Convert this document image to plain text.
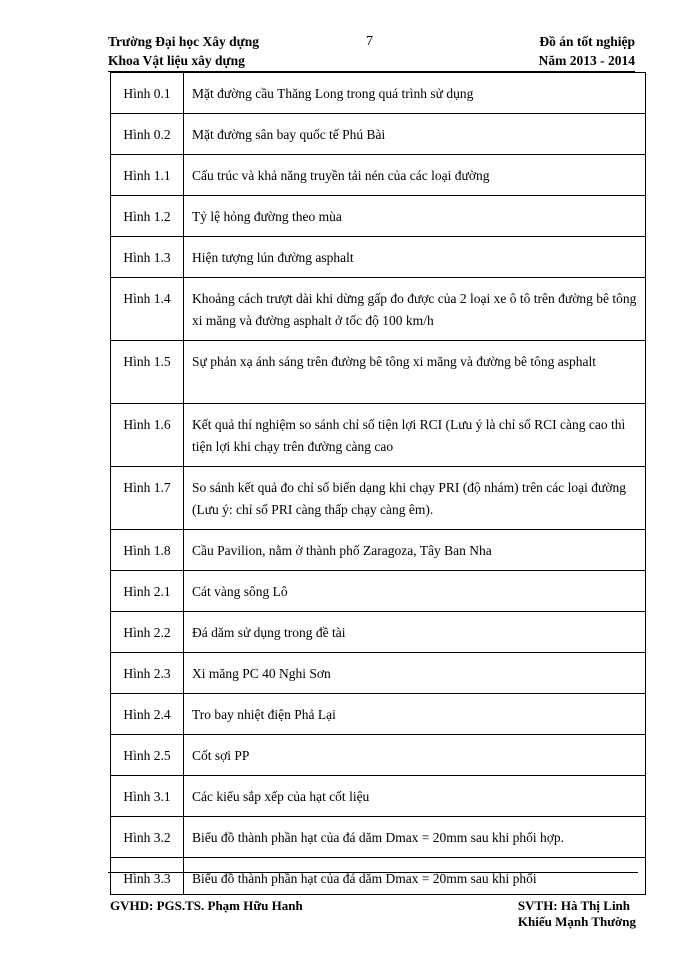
Trường Đại học Xây dựng
Khoa Vật liệu xây dựng
7	Đồ án tốt nghiệp
Năm 2013 - 2014
Hình 0.1	Mặt đường cầu Thăng Long trong quá trình sử dụng
Hình 0.2	Mặt đường sân bay quốc tế Phú Bài
Hình 1.1	Cấu trúc và khả năng truyền tải nén của các loại đường
Hình 1.2	Tỷ lệ hỏng đường theo mùa
Hình 1.3	Hiện tượng lún đường asphalt
Hình 1.4	Khoảng cách trượt dài khi dừng gấp đo được của 2 loại xe ô tô trên đường bê tông xi măng và đường asphalt ở tốc độ 100 km/h
Hình 1.5	Sự phản xạ ánh sáng trên đường bê tông xi măng và đường bê tông asphalt
Hình 1.6	Kết quả thí nghiệm so sánh chỉ số tiện lợi RCI (Lưu ý là chỉ số RCI càng cao thì tiện lợi khi chạy trên đường càng cao
Hình 1.7	So sánh kết quả đo chỉ số biến dạng khi chạy PRI (độ nhám) trên các loại đường (Lưu ý: chỉ số PRI càng thấp chạy càng êm).
Hình 1.8	Cầu Pavilion, nằm ở thành phố Zaragoza, Tây Ban Nha
Hình 2.1	Cát vàng sông Lô
Hình 2.2	Đá dăm sử dụng trong đề tài
Hình 2.3	Xi măng PC 40 Nghi Sơn
Hình 2.4	Tro bay nhiệt điện Phả Lại
Hình 2.5	Cốt sợi PP
Hình 3.1	Các kiểu sắp xếp của hạt cốt liệu
Hình 3.2	Biểu đồ thành phần hạt của đá dăm Dmax = 20mm sau khi phối hợp.
Hình 3.3	Biểu đồ thành phần hạt của đá dăm Dmax = 20mm sau khi phối
GVHD: PGS.TS. Phạm Hữu Hanh	SVTH: Hà Thị Linh
Khiếu Mạnh Thường
